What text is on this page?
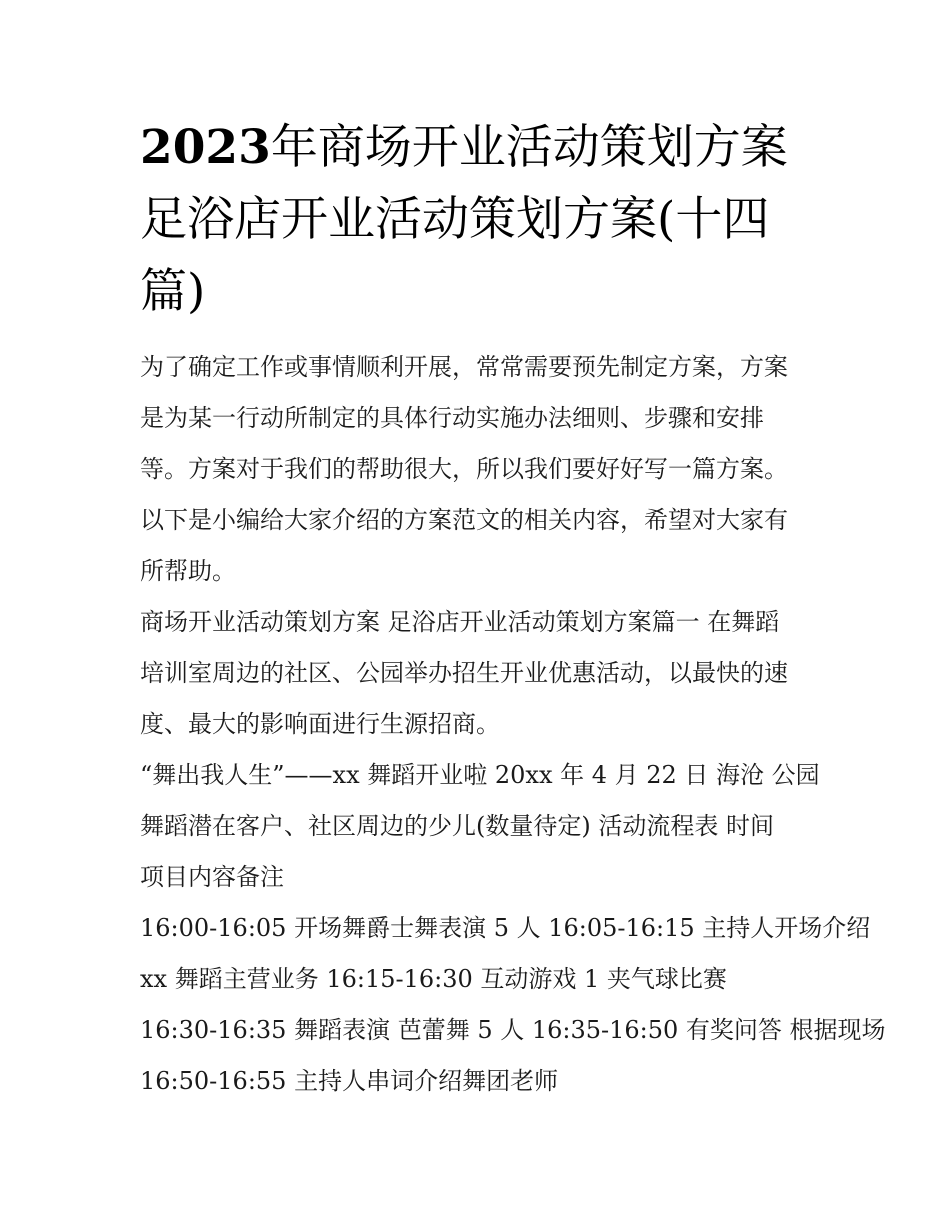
2023年商场开业活动策划方案足浴店开业活动策划方案(十四篇)

为了确定工作或事情顺利开展，常常需要预先制定方案，方案
是为某一行动所制定的具体行动实施办法细则、步骤和安排
等。方案对于我们的帮助很大，所以我们要好好写一篇方案。
以下是小编给大家介绍的方案范文的相关内容，希望对大家有
所帮助。

商场开业活动策划方案 足浴店开业活动策划方案篇一 在舞蹈
培训室周边的社区、公园举办招生开业优惠活动，以最快的速
度、最大的影响面进行生源招商。

“舞出我人生”——xx 舞蹈开业啦 20xx 年 4 月 22 日 海沧 公园
舞蹈潜在客户、社区周边的少儿(数量待定) 活动流程表 时间
项目内容备注

16:00-16:05 开场舞爵士舞表演 5 人 16:05-16:15 主持人开场介绍
xx 舞蹈主营业务 16:15-16:30 互动游戏 1 夹气球比赛
16:30-16:35 舞蹈表演 芭蕾舞 5 人 16:35-16:50 有奖问答 根据现场
16:50-16:55 主持人串词介绍舞团老师
